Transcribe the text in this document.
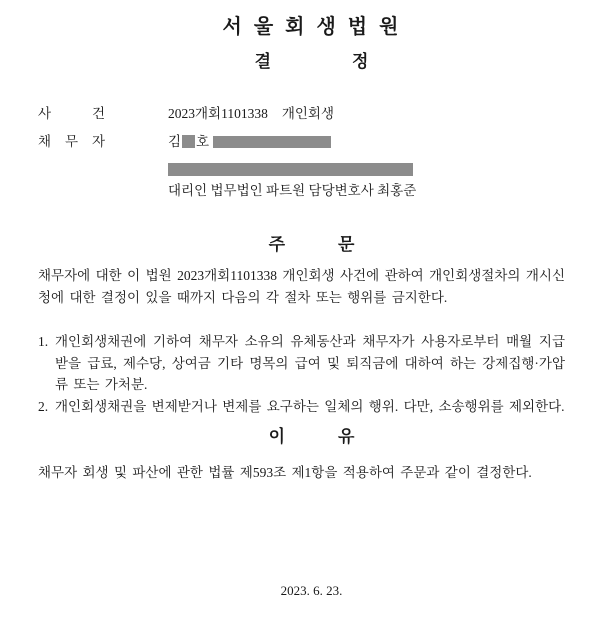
서울회생법원
결	정
사 건	2023개회1101338 개인회생
채 무 자	김 호
대리인 법무법인 파트원 담당변호사 최홍준
주	문

채무자에 대한 이 법원 2023개회1101338 개인회생 사건에 관하여 개인회생절차의 개시신청에 대한 결정이 있을 때까지 다음의 각 절차 또는 행위를 금지한다.

1. 개인회생채권에 기하여 채무자 소유의 유체동산과 채무자가 사용자로부터 매월 지급받을 급료, 제수당, 상여금 기타 명목의 급여 및 퇴직금에 대하여 하는 강제집행·가압류 또는 가처분.
2. 개인회생채권을 변제받거나 변제를 요구하는 일체의 행위. 다만, 소송행위를 제외한다.
이	유

채무자 회생 및 파산에 관한 법률 제593조 제1항을 적용하여 주문과 같이 결정한다.

2023. 6. 23.
